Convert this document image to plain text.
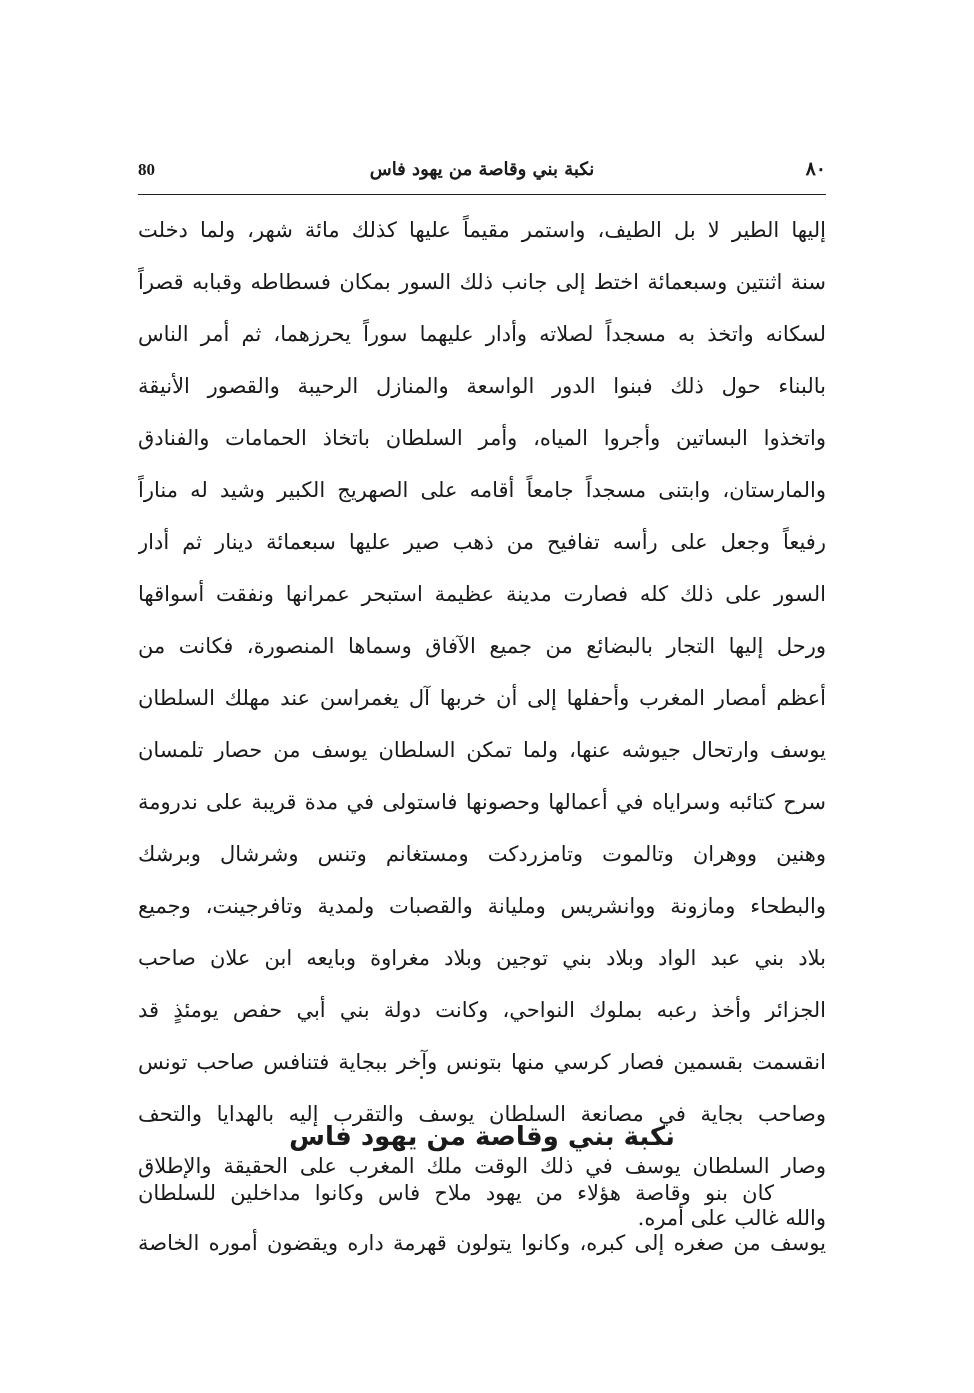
80	نكبة بني وقاصة من يهود فاس	٨٠
إليها الطير لا بل الطيف، واستمر مقيماً عليها كذلك مائة شهر، ولما دخلت
سنة اثنتين وسبعمائة اختط إلى جانب ذلك السور بمكان فسطاطه وقبابه قصراً
لسكانه واتخذ به مسجداً لصلاته وأدار عليهما سوراً يحرزهما، ثم أمر الناس
بالبناء حول ذلك فبنوا الدور الواسعة والمنازل الرحيبة والقصور الأنيقة
واتخذوا البساتين وأجروا المياه، وأمر السلطان باتخاذ الحمامات والفنادق
والمارستان، وابتنى مسجداً جامعاً أقامه على الصهريج الكبير وشيد له مناراً
رفيعاً وجعل على رأسه تفافيح من ذهب صير عليها سبعمائة دينار ثم أدار
السور على ذلك كله فصارت مدينة عظيمة استبحر عمرانها ونفقت أسواقها
ورحل إليها التجار بالبضائع من جميع الآفاق وسماها المنصورة، فكانت من
أعظم أمصار المغرب وأحفلها إلى أن خربها آل يغمراسن عند مهلك السلطان
يوسف وارتحال جيوشه عنها، ولما تمكن السلطان يوسف من حصار تلمسان
سرح كتائبه وسراياه في أعمالها وحصونها فاستولى في مدة قريبة على ندرومة
وهنين ووهران وتالموت وتامزردكت ومستغانم وتنس وشرشال وبرشك
والبطحاء ومازونة ووانشريس ومليانة والقصبات ولمدية وتافرجينت، وجميع
بلاد بني عبد الواد وبلاد بني توجين وبلاد مغراوة وبايعه ابن علان صاحب
الجزائر وأخذ رعبه بملوك النواحي، وكانت دولة بني أبي حفص يومئذٍ قد
انقسمت بقسمين فصار كرسي منها بتونس وآخر ببجاية فتنافس صاحب تونس
وصاحب بجاية في مصانعة السلطان يوسف والتقرب إليه بالهدايا والتحف
وصار السلطان يوسف في ذلك الوقت ملك المغرب على الحقيقة والإطلاق
والله غالب على أمره.
نكبة بني وقاصة من يهود فاس
كان بنو وقاصة هؤلاء من يهود ملاح فاس وكانوا مداخلين للسلطان
يوسف من صغره إلى كبره، وكانوا يتولون قهرمة داره ويقضون أموره الخاصة
